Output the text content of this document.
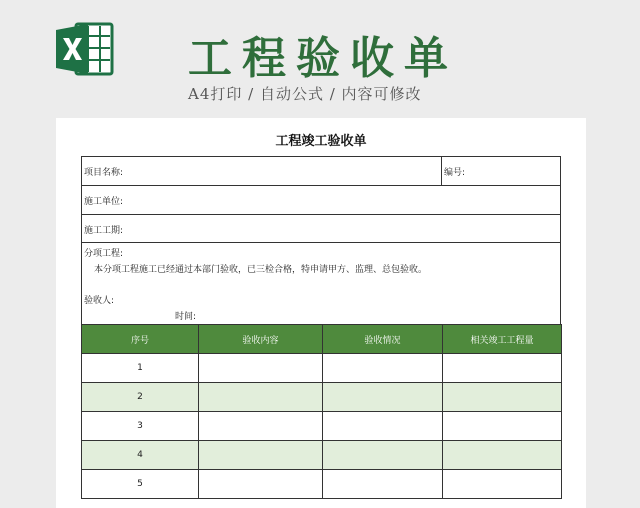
工程验收单
A4打印 / 自动公式 / 内容可修改
工程竣工验收单
项目名称:	编号:
施工单位:
施工工期:
分项工程:
本分项工程施工已经通过本部门验收，已三检合格，特申请甲方、监理、总包验收。
验收人:
时间:
序号	验收内容	验收情况	相关竣工工程量
1			
2			
3			
4			
5			
